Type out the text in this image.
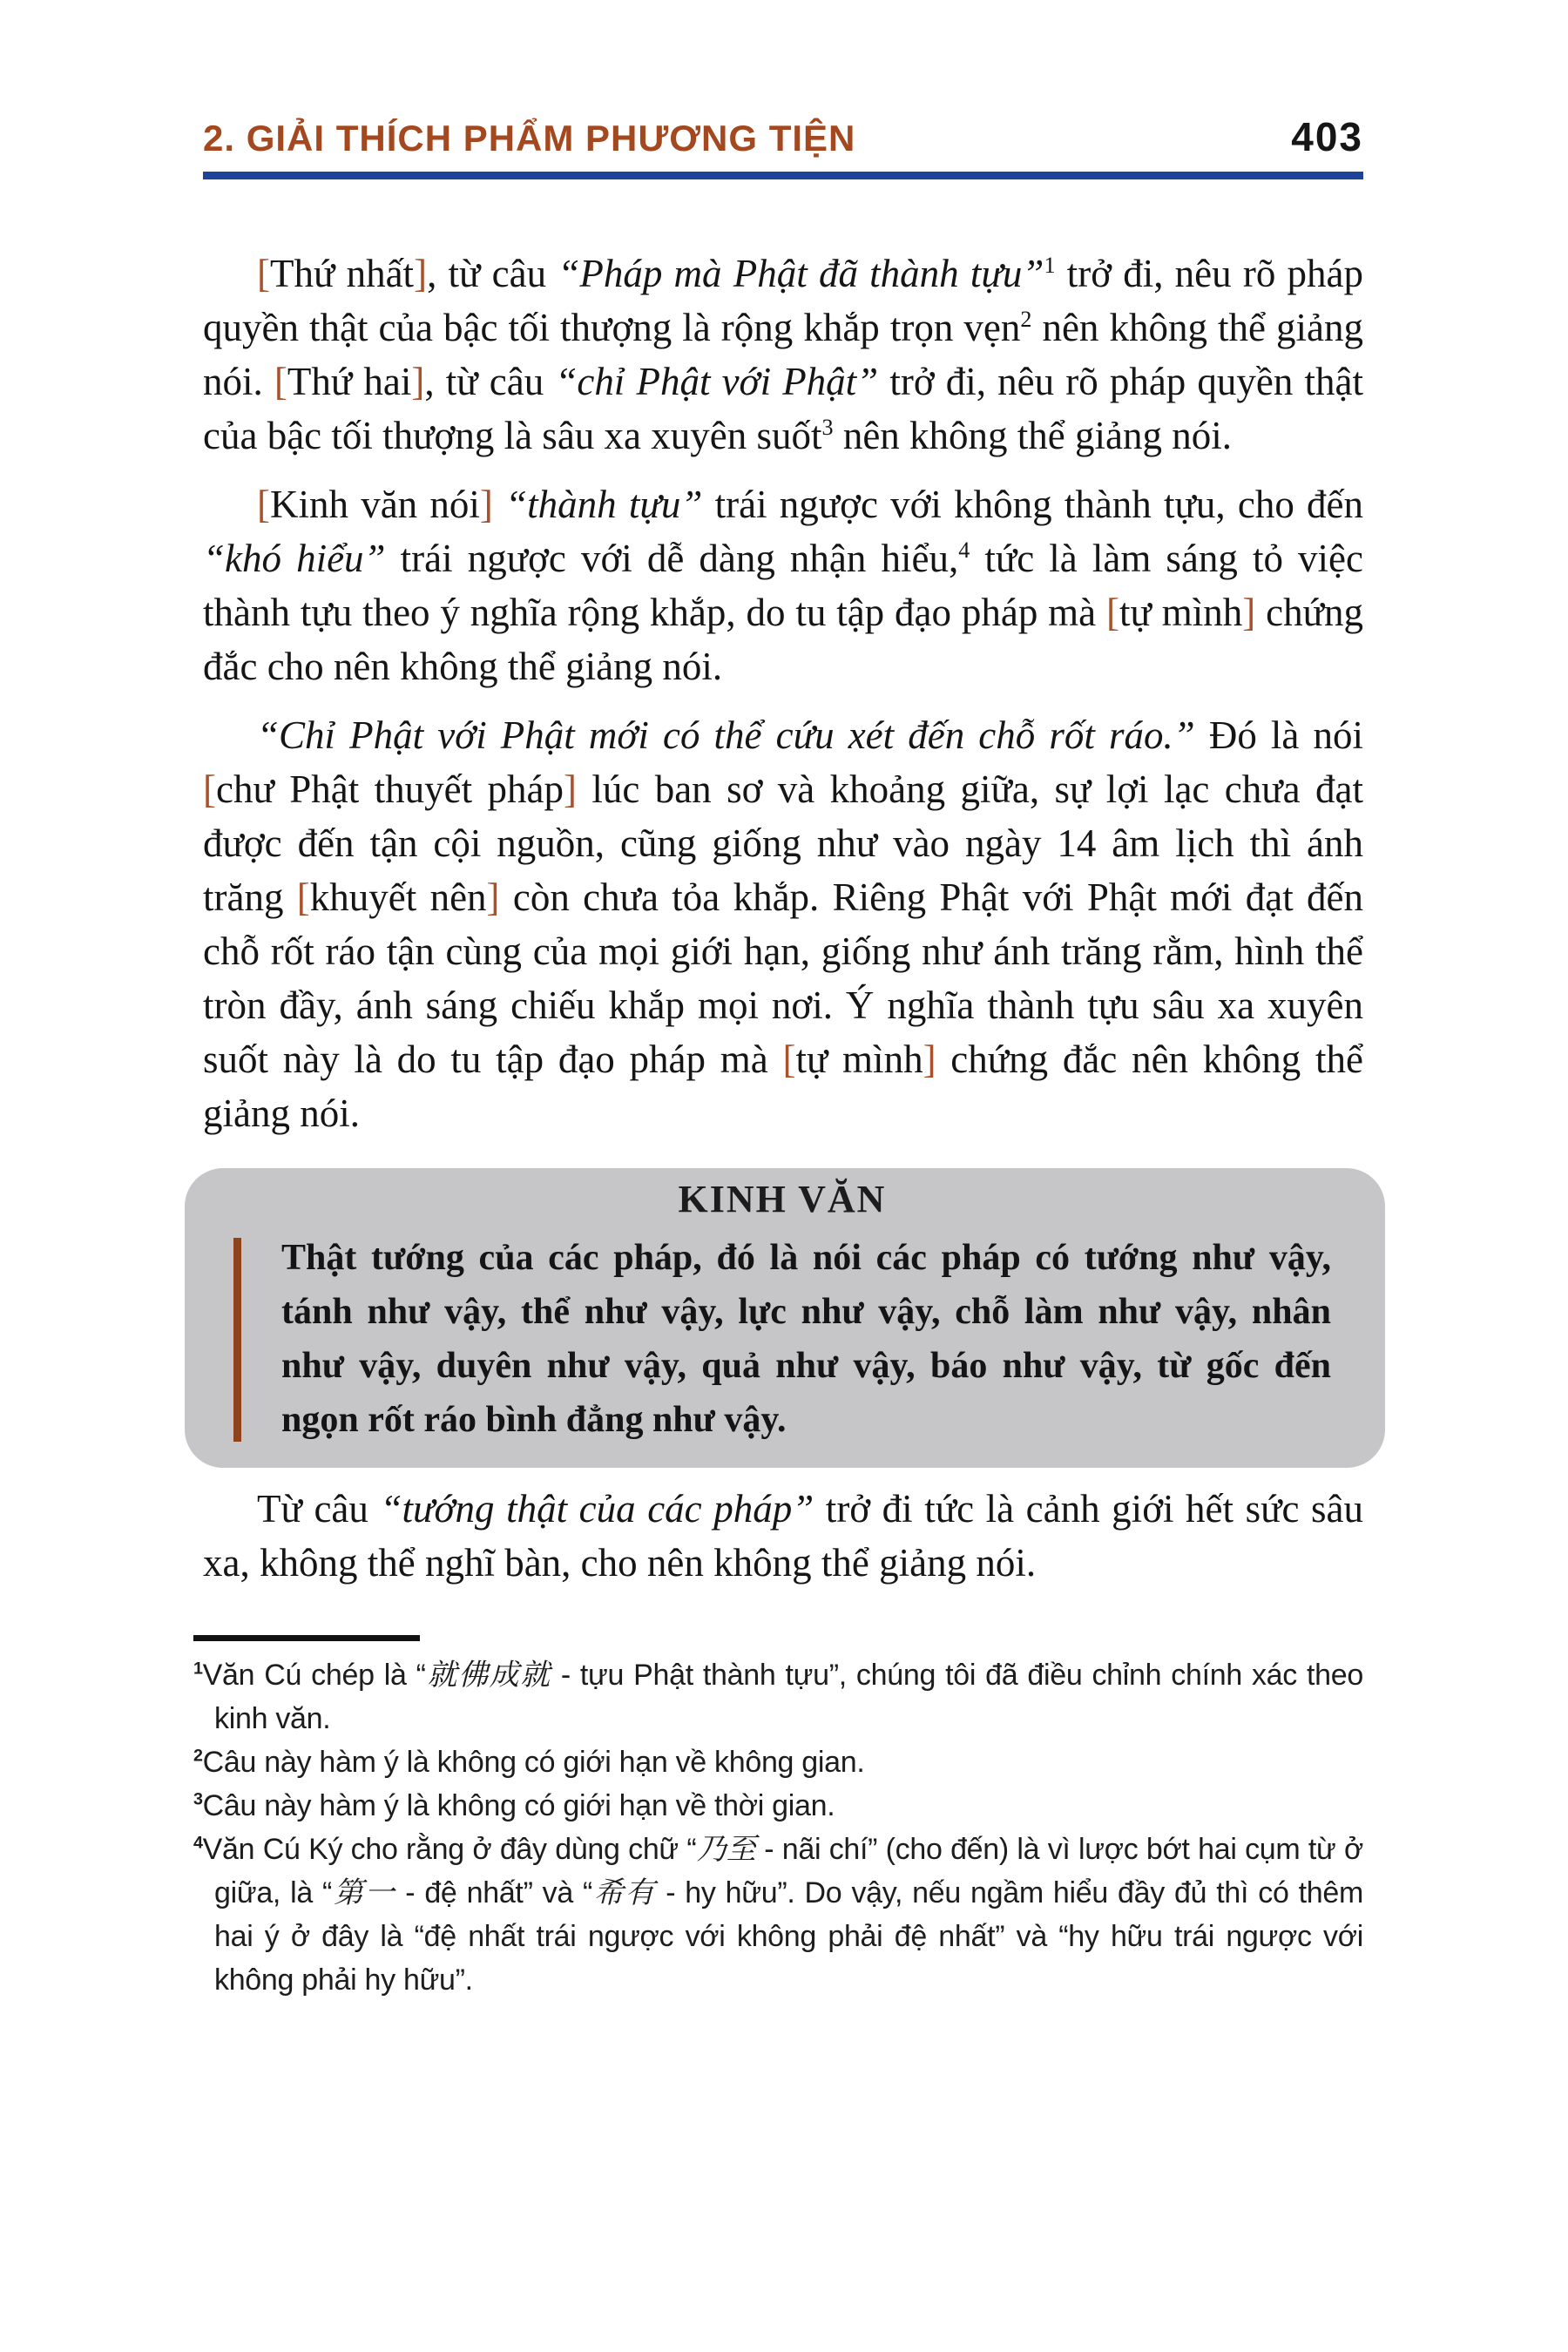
2. GIẢI THÍCH PHẨM PHƯƠNG TIỆN	403

[Thứ nhất], từ câu “Pháp mà Phật đã thành tựu”$^1$ trở đi, nêu rõ pháp quyền thật của bậc tối thượng là rộng khắp trọn vẹn$^2$ nên không thể giảng nói. [Thứ hai], từ câu “chỉ Phật với Phật” trở đi, nêu rõ pháp quyền thật của bậc tối thượng là sâu xa xuyên suốt$^3$ nên không thể giảng nói.

[Kinh văn nói] “thành tựu” trái ngược với không thành tựu, cho đến “khó hiểu” trái ngược với dễ dàng nhận hiểu,$^4$ tức là làm sáng tỏ việc thành tựu theo ý nghĩa rộng khắp, do tu tập đạo pháp mà [tự mình] chứng đắc cho nên không thể giảng nói.

“Chỉ Phật với Phật mới có thể cứu xét đến chỗ rốt ráo.” Đó là nói [chư Phật thuyết pháp] lúc ban sơ và khoảng giữa, sự lợi lạc chưa đạt được đến tận cội nguồn, cũng giống như vào ngày 14 âm lịch thì ánh trăng [khuyết nên] còn chưa tỏa khắp. Riêng Phật với Phật mới đạt đến chỗ rốt ráo tận cùng của mọi giới hạn, giống như ánh trăng rằm, hình thể tròn đầy, ánh sáng chiếu khắp mọi nơi. Ý nghĩa thành tựu sâu xa xuyên suốt này là do tu tập đạo pháp mà [tự mình] chứng đắc nên không thể giảng nói.

KINH VĂN
Thật tướng của các pháp, đó là nói các pháp có tướng như vậy, tánh như vậy, thể như vậy, lực như vậy, chỗ làm như vậy, nhân như vậy, duyên như vậy, quả như vậy, báo như vậy, từ gốc đến ngọn rốt ráo bình đẳng như vậy.

Từ câu “tướng thật của các pháp” trở đi tức là cảnh giới hết sức sâu xa, không thể nghĩ bàn, cho nên không thể giảng nói.

$^1$Văn Cú chép là “就佛成就 - tựu Phật thành tựu”, chúng tôi đã điều chỉnh chính xác theo kinh văn.

$^2$Câu này hàm ý là không có giới hạn về không gian.

$^3$Câu này hàm ý là không có giới hạn về thời gian.

$^4$Văn Cú Ký cho rằng ở đây dùng chữ “乃至 - nãi chí” (cho đến) là vì lược bớt hai cụm từ ở giữa, là “第一 - đệ nhất” và “希有 - hy hữu”. Do vậy, nếu ngầm hiểu đầy đủ thì có thêm hai ý ở đây là “đệ nhất trái ngược với không phải đệ nhất” và “hy hữu trái ngược với không phải hy hữu”.
